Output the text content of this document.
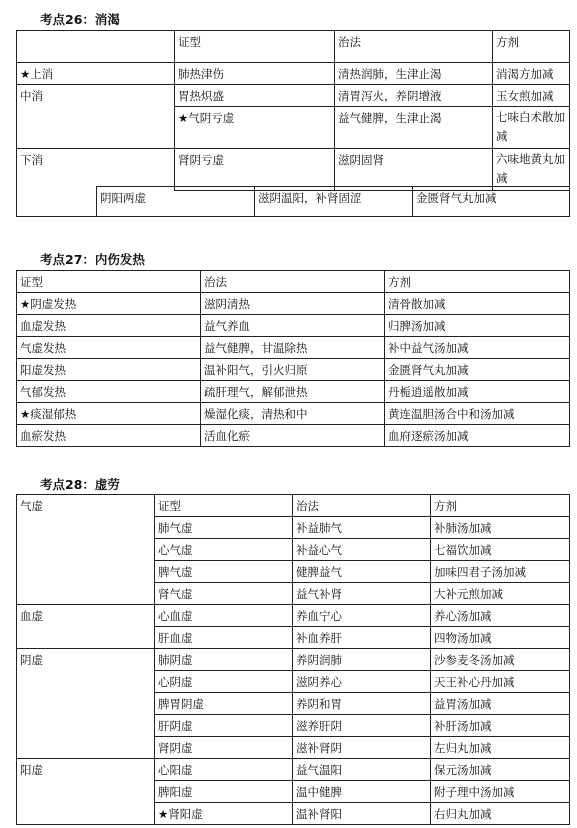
考点26：消渴
	证型	治法	方剂
★上消	肺热津伤	清热润肺，生津止渴	消渴方加减
中消	胃热炽盛	清胃泻火，养阴增液	玉女煎加减
	★气阴亏虚	益气健脾，生津止渴	七味白术散加减
下消	肾阴亏虚	滋阴固肾	六味地黄丸加减
	阴阳两虚	滋阴温阳，补肾固涩	金匮肾气丸加减
考点27：内伤发热
证型	治法	方剂
★阴虚发热	滋阴清热	清骨散加减
血虚发热	益气养血	归脾汤加减
气虚发热	益气健脾，甘温除热	补中益气汤加减
阳虚发热	温补阳气，引火归原	金匮肾气丸加减
气郁发热	疏肝理气，解郁泄热	丹栀逍遥散加减
★痰湿郁热	燥湿化痰，清热和中	黄连温胆汤合中和汤加减
血瘀发热	活血化瘀	血府逐瘀汤加减
考点28：虚劳
气虚	证型	治法	方剂
	肺气虚	补益肺气	补肺汤加减
	心气虚	补益心气	七福饮加减
	脾气虚	健脾益气	加味四君子汤加减
	肾气虚	益气补肾	大补元煎加减
血虚	心血虚	养血宁心	养心汤加减
	肝血虚	补血养肝	四物汤加减
阴虚	肺阴虚	养阴润肺	沙参麦冬汤加减
	心阴虚	滋阴养心	天王补心丹加减
	脾胃阴虚	养阴和胃	益胃汤加减
	肝阴虚	滋养肝阴	补肝汤加减
	肾阴虚	滋补肾阴	左归丸加减
阳虚	心阳虚	益气温阳	保元汤加减
	脾阳虚	温中健脾	附子理中汤加减
	★肾阳虚	温补肾阳	右归丸加减
